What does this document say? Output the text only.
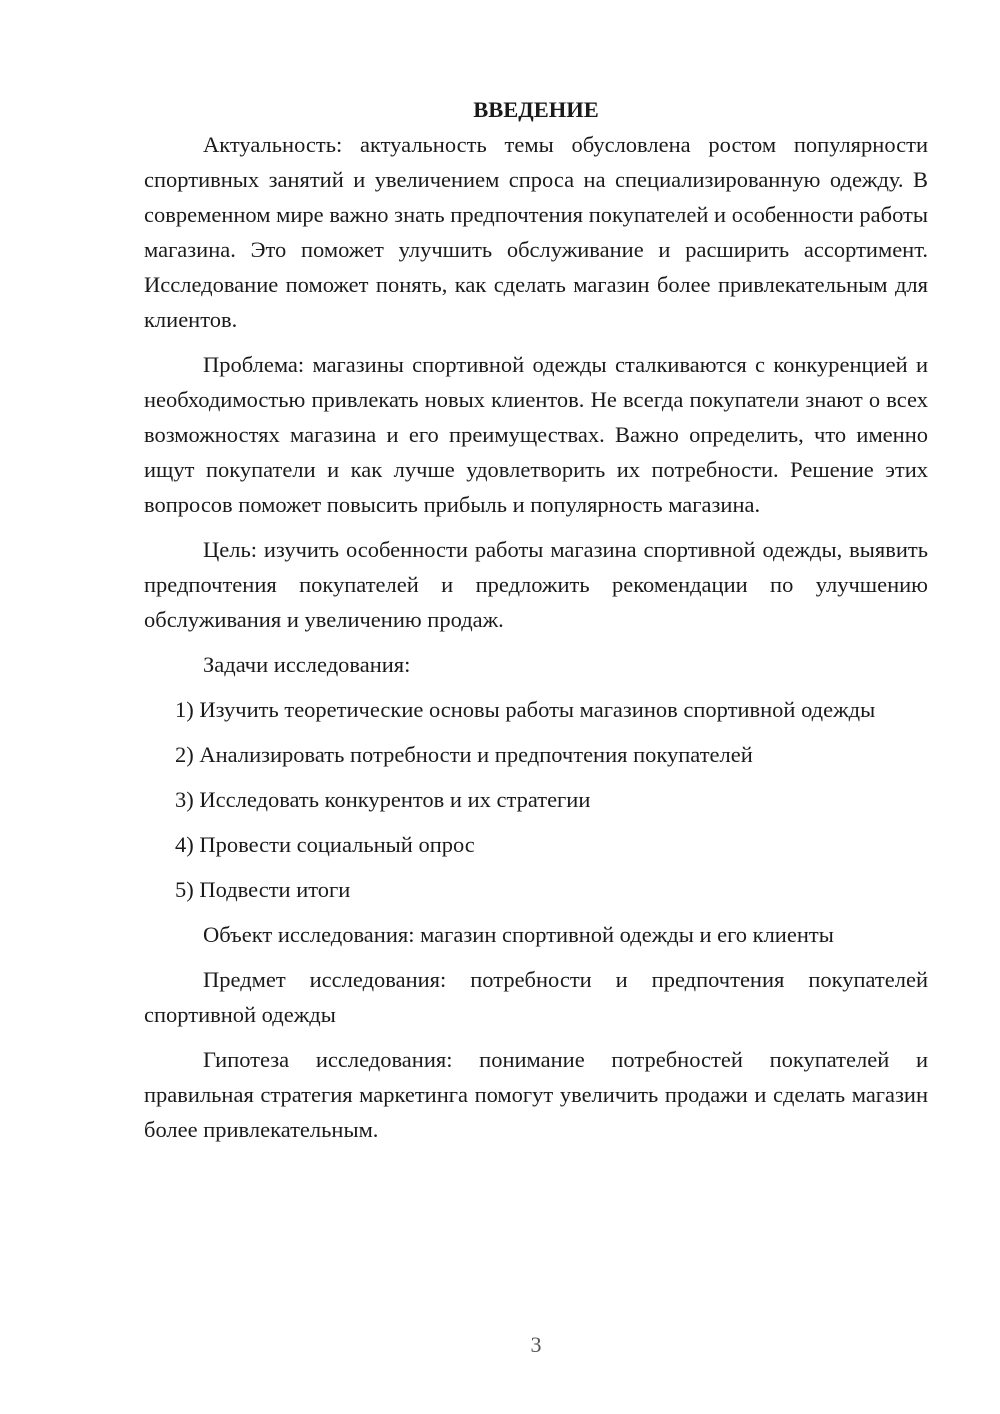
ВВЕДЕНИЕ

Актуальность: актуальность темы обусловлена ростом популярности спортивных занятий и увеличением спроса на специализированную одежду. В современном мире важно знать предпочтения покупателей и особенности работы магазина. Это поможет улучшить обслуживание и расширить ассортимент. Исследование поможет понять, как сделать магазин более привлекательным для клиентов.

Проблема: магазины спортивной одежды сталкиваются с конкуренцией и необходимостью привлекать новых клиентов. Не всегда покупатели знают о всех возможностях магазина и его преимуществах. Важно определить, что именно ищут покупатели и как лучше удовлетворить их потребности. Решение этих вопросов поможет повысить прибыль и популярность магазина.

Цель: изучить особенности работы магазина спортивной одежды, выявить предпочтения покупателей и предложить рекомендации по улучшению обслуживания и увеличению продаж.

Задачи исследования:

1) Изучить теоретические основы работы магазинов спортивной одежды

2) Анализировать потребности и предпочтения покупателей

3) Исследовать конкурентов и их стратегии

4) Провести социальный опрос

5) Подвести итоги

Объект исследования: магазин спортивной одежды и его клиенты

Предмет исследования: потребности и предпочтения покупателей спортивной одежды

Гипотеза исследования: понимание потребностей покупателей и правильная стратегия маркетинга помогут увеличить продажи и сделать магазин более привлекательным.

3
